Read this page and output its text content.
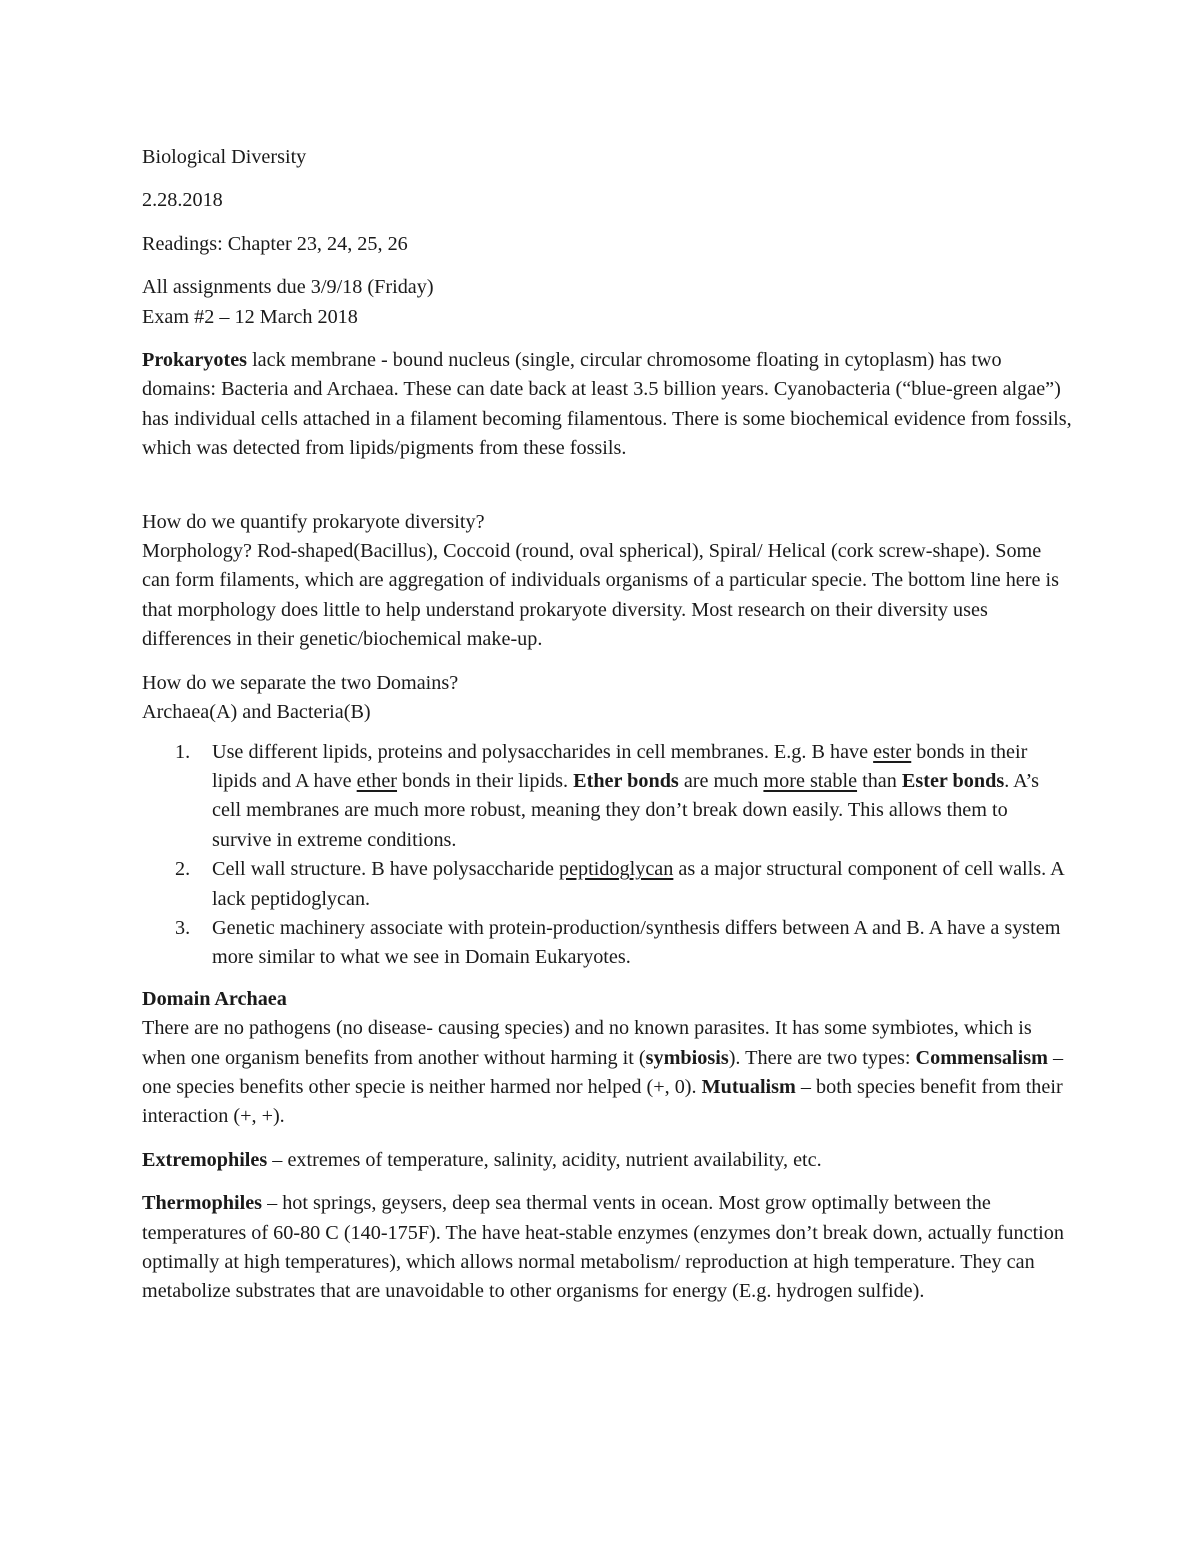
Biological Diversity

2.28.2018

Readings: Chapter 23, 24, 25, 26

All assignments due 3/9/18 (Friday)

Exam #2 – 12 March 2018

Prokaryotes lack membrane - bound nucleus (single, circular chromosome floating in cytoplasm) has two domains: Bacteria and Archaea. These can date back at least 3.5 billion years. Cyanobacteria (“blue-green algae”) has individual cells attached in a filament becoming filamentous. There is some biochemical evidence from fossils, which was detected from lipids/pigments from these fossils.

How do we quantify prokaryote diversity?

Morphology? Rod-shaped(Bacillus), Coccoid (round, oval spherical), Spiral/ Helical (cork screw-shape). Some can form filaments, which are aggregation of individuals organisms of a particular specie. The bottom line here is that morphology does little to help understand prokaryote diversity. Most research on their diversity uses differences in their genetic/biochemical make-up.

How do we separate the two Domains?

Archaea(A) and Bacteria(B)

1. Use different lipids, proteins and polysaccharides in cell membranes. E.g. B have ester bonds in their lipids and A have ether bonds in their lipids. Ether bonds are much more stable than Ester bonds. A’s cell membranes are much more robust, meaning they don’t break down easily. This allows them to survive in extreme conditions.
2. Cell wall structure. B have polysaccharide peptidoglycan as a major structural component of cell walls. A lack peptidoglycan.
3. Genetic machinery associate with protein-production/synthesis differs between A and B. A have a system more similar to what we see in Domain Eukaryotes.

Domain Archaea

There are no pathogens (no disease- causing species) and no known parasites. It has some symbiotes, which is when one organism benefits from another without harming it (symbiosis). There are two types: Commensalism – one species benefits other specie is neither harmed nor helped (+, 0). Mutualism – both species benefit from their interaction (+, +).

Extremophiles – extremes of temperature, salinity, acidity, nutrient availability, etc.

Thermophiles – hot springs, geysers, deep sea thermal vents in ocean. Most grow optimally between the temperatures of 60-80 C (140-175F). The have heat-stable enzymes (enzymes don’t break down, actually function optimally at high temperatures), which allows normal metabolism/ reproduction at high temperature. They can metabolize substrates that are unavoidable to other organisms for energy (E.g. hydrogen sulfide).
